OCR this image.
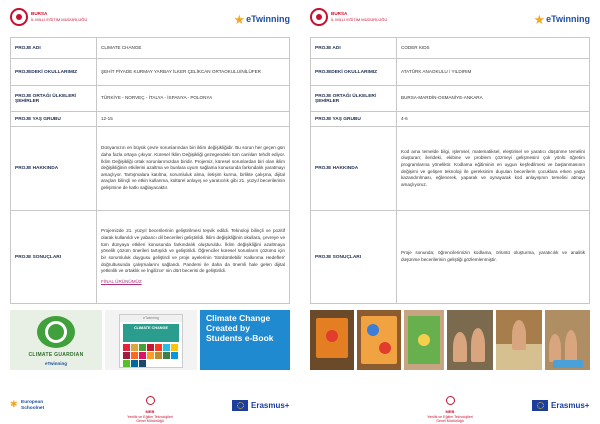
BURSA
İL MİLLİ EĞİTİM MÜDÜRLÜĞÜ	★ eTwinning
PROJE ADI	CLIMATE CHANGE
PROJEDEKİ OKULLARIMIZ	ŞEHİT PİYADE KURMAY YARBAY İLKER ÇELİKCAN ORTAOKULU/NİLÜFER
PROJE ORTAĞI ÜLKELER/ŞEHİRLER	TÜRKİYE - NORVEÇ - İTALYA - İSPANYA - POLONYA
PROJE YAŞ GRUBU	12-15
PROJE HAKKINDA	Dünyamızın en büyük çevre sorunlarından biri iklim değişikliğidir. Bu sorun her geçen gün daha fazla ortaya çıkıyor. Küresel İklim Değişikliği gezegendeki tüm canlıları tehdit ediyor. İklim Değişikliği ortak sorunlarımızdan biridir. Projemiz, küresel sorunlardan biri olan iklim değişikliğinin etkilerini azaltma ve bunlara uyum sağlama konusunda farkındalık yaratmayı amaçlıyor. Tartışmalara katılma, sorumluluk alma, iletişim kurma, birlikte çalışma, dijital araçları bilinçli ve etkin kullanma, kültürel anlayış ve yaratıcılık gibi 21. yüzyıl becerilerinin gelişimine de katkı sağlayacaktır.

PROJE SONUÇLARI	Projemizde 21. yüzyıl becerilerinin geliştirilmesi teşvik edildi. Teknoloji bilinçli ve pozitif olarak kullanıldı ve yabancı dil becerileri geliştirildi. İklim değişikliğinin okullara, çevreye ve tüm dünyaya etkileri konusunda farkındalık oluşturuldu. İklim değişikliğini azaltmaya yönelik çözüm önerileri tartışıldı ve geliştirildi. Öğrenciler küresel sorunların çözümü için bir sorumluluk duygusu geliştirdi ve proje ayelerinin 'Sürdürülebilir Kalkınma Hedefleri' doğrultusunda çalışmalarını sağlandı. Pandemi ile daha da önemli hale gelen dijital yetkinlik ve ortaklık ve İngilizce' nin dört becerisi de geliştirildi.
FİNAL ÜRÜNÜMÜZ
CLIMATE GUARDIAN
eTwinning
eTwinning
CLIMATE CHANGE
Climate Change Created by Students e-Book
✱ European
Schoolnet
MEB
Yenilik ve Eğitim Teknolojileri
Genel Müdürlüğü
Erasmus+
BURSA
İL MİLLİ EĞİTİM MÜDÜRLÜĞÜ	★ eTwinning
PROJE ADI	CODER KIDS
PROJEDEKİ OKULLARIMIZ	ATATÜRK ANAOKULU / YILDIRIM
PROJE ORTAĞI ÜLKELER/ŞEHİRLER	BURSA-MARDİN-OSMANİYE-ANKARA
PROJE YAŞ GRUBU	4-6
PROJE HAKKINDA	Kod ama temelde bilgi, işlemsel, matematiksel, eleştirisel ve yaratıcı düşünme temelini oluşturan; ilerideki, ekibine ve problem çözmeyi gelişmesini çok yönlü öğretim programlarına yöneliktir. Kodlama eğitiminin en uygun keşfedilmesi ve başlanmasının değişimi ve gelişen teknoloji ile gereksinim duyulan becerilerin çocuklara erken yaşta kazandırılması, eğlenerek, yaparak ve oynayarak kod anlayışının temelini atmayı amaçlıyoruz.

PROJE SONUÇLARI	Proje sonunda; öğrencilerimizin kodlama, öriüntü oluşturma, yaratıcılık ve analitik düşünme becerilerinin geliştiği gözlemlenmiştir.
MEB
Yenilik ve Eğitim Teknolojileri
Genel Müdürlüğü
Erasmus+
